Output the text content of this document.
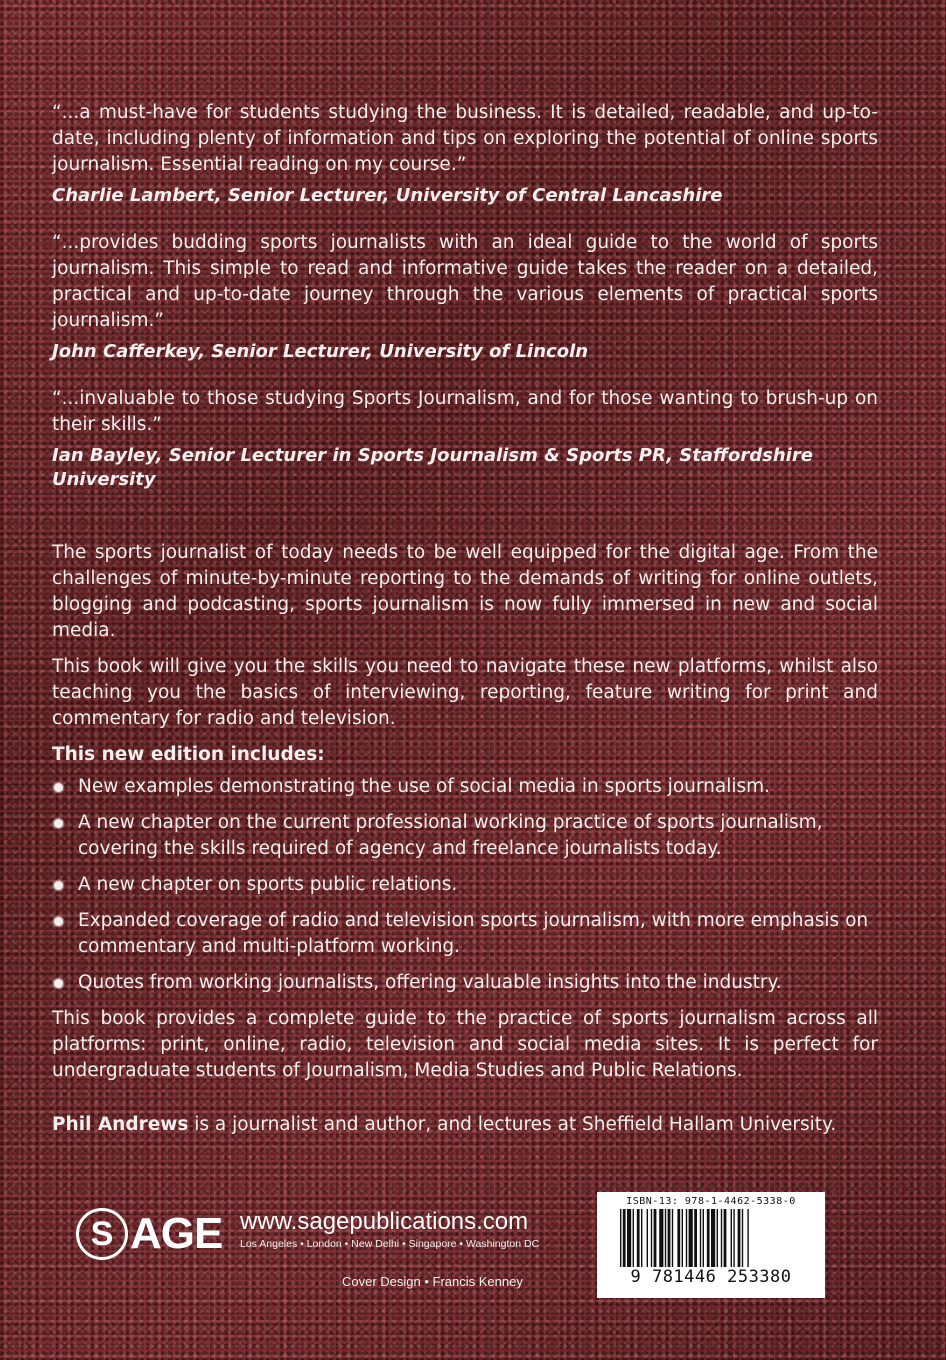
“...a must-have for students studying the business. It is detailed, readable, and up-to-date, including plenty of information and tips on exploring the potential of online sports journalism. Essential reading on my course.”

Charlie Lambert, Senior Lecturer, University of Central Lancashire

“...provides budding sports journalists with an ideal guide to the world of sports journalism. This simple to read and informative guide takes the reader on a detailed, practical and up-to-date journey through the various elements of practical sports journalism.”

John Cafferkey, Senior Lecturer, University of Lincoln

“...invaluable to those studying Sports Journalism, and for those wanting to brush-up on their skills.”

Ian Bayley, Senior Lecturer in Sports Journalism & Sports PR, Staffordshire University

The sports journalist of today needs to be well equipped for the digital age. From the challenges of minute-by-minute reporting to the demands of writing for online outlets, blogging and podcasting, sports journalism is now fully immersed in new and social media.

This book will give you the skills you need to navigate these new platforms, whilst also teaching you the basics of interviewing, reporting, feature writing for print and commentary for radio and television.

This new edition includes:
New examples demonstrating the use of social media in sports journalism.
A new chapter on the current professional working practice of sports journalism, covering the skills required of agency and freelance journalists today.
A new chapter on sports public relations.
Expanded coverage of radio and television sports journalism, with more emphasis on commentary and multi-platform working.
Quotes from working journalists, offering valuable insights into the industry.

This book provides a complete guide to the practice of sports journalism across all platforms: print, online, radio, television and social media sites. It is perfect for undergraduate students of Journalism, Media Studies and Public Relations.

Phil Andrews is a journalist and author, and lectures at Sheffield Hallam University.
S AGE www.sagepublications.com
Los Angeles • London • New Delhi • Singapore • Washington DC
Cover Design • Francis Kenney
ISBN-13: 978-1-4462-5338-0
9 781446 253380
